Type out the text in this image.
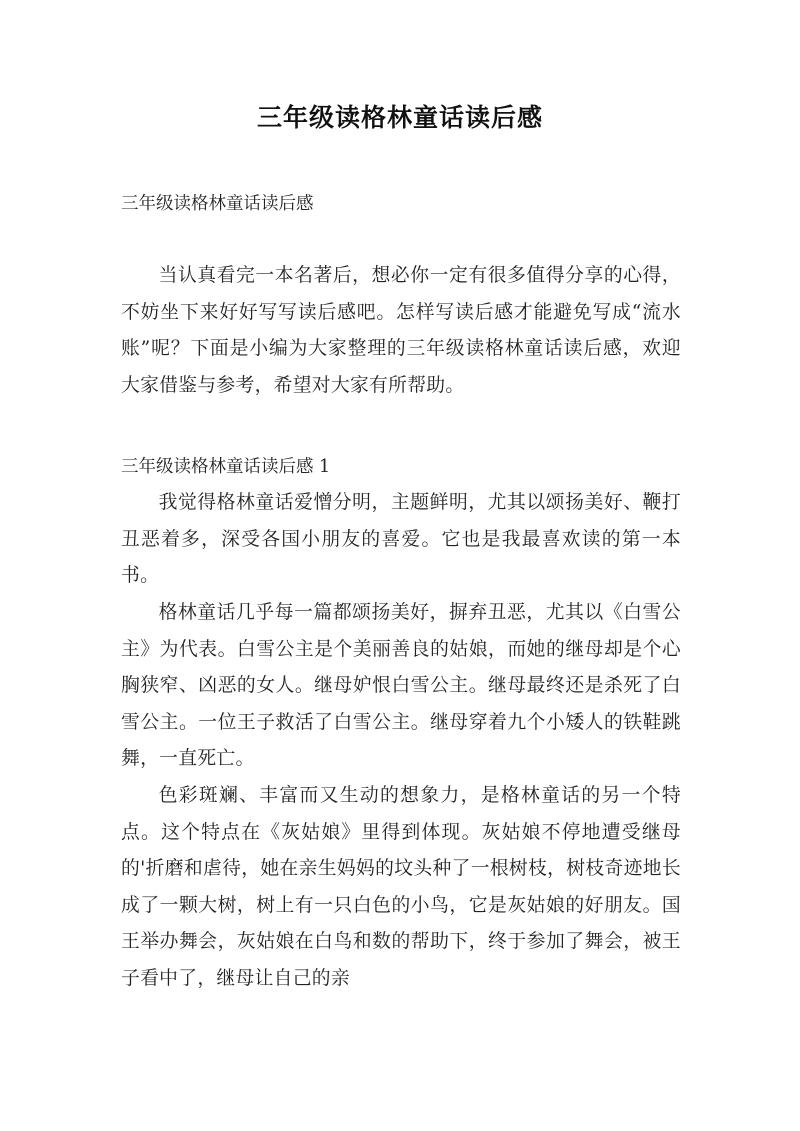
三年级读格林童话读后感

三年级读格林童话读后感

当认真看完一本名著后，想必你一定有很多值得分享的心得，不妨坐下来好好写写读后感吧。怎样写读后感才能避免写成“流水账”呢？下面是小编为大家整理的三年级读格林童话读后感，欢迎大家借鉴与参考，希望对大家有所帮助。

三年级读格林童话读后感 1

我觉得格林童话爱憎分明，主题鲜明，尤其以颂扬美好、鞭打丑恶着多，深受各国小朋友的喜爱。它也是我最喜欢读的第一本书。

格林童话几乎每一篇都颂扬美好，摒弃丑恶，尤其以《白雪公主》为代表。白雪公主是个美丽善良的姑娘，而她的继母却是个心胸狭窄、凶恶的女人。继母妒恨白雪公主。继母最终还是杀死了白雪公主。一位王子救活了白雪公主。继母穿着九个小矮人的铁鞋跳舞，一直死亡。

色彩斑斓、丰富而又生动的想象力，是格林童话的另一个特点。这个特点在《灰姑娘》里得到体现。灰姑娘不停地遭受继母的'折磨和虐待，她在亲生妈妈的坟头种了一根树枝，树枝奇迹地长成了一颗大树，树上有一只白色的小鸟，它是灰姑娘的好朋友。国王举办舞会，灰姑娘在白鸟和数的帮助下，终于参加了舞会，被王子看中了，继母让自己的亲
